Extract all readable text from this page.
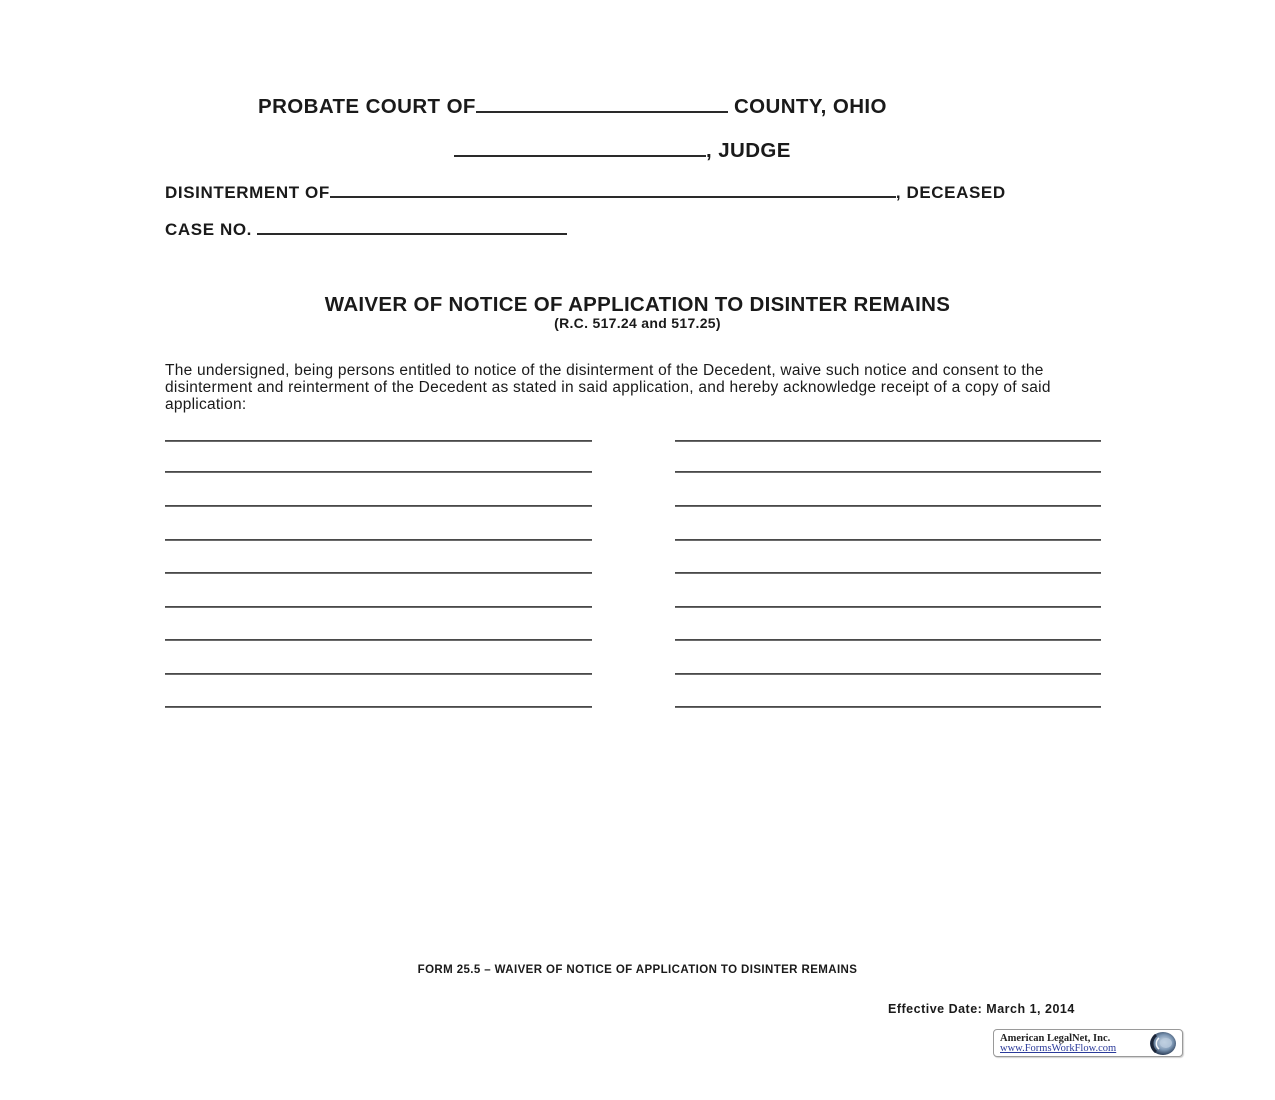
PROBATE COURT OF	COUNTY, OHIO
, JUDGE
DISINTERMENT OF	, DECEASED
CASE NO.
WAIVER OF NOTICE OF APPLICATION TO DISINTER REMAINS
(R.C. 517.24 and 517.25)
The undersigned, being persons entitled to notice of the disinterment of the Decedent, waive such notice and consent to the disinterment and reinterment of the Decedent as stated in said application, and hereby acknowledge receipt of a copy of said application:
FORM 25.5 – WAIVER OF NOTICE OF APPLICATION TO DISINTER REMAINS
Effective Date: March 1, 2014
American LegalNet, Inc.
www.FormsWorkFlow.com
